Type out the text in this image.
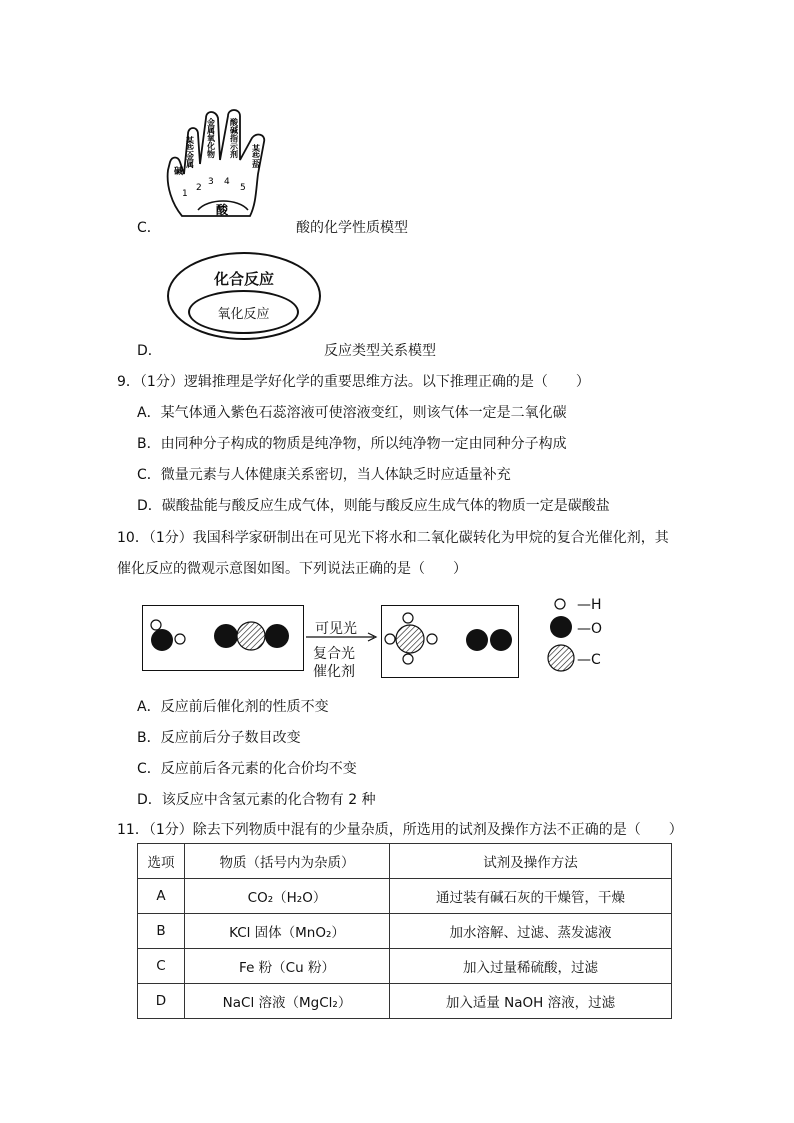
C．
碱
某些金属 金属氧化物 酸碱指示剂 某些盐
1
2
3 4
5
酸
酸的化学性质模型
化合反应
氧化反应
D．	反应类型关系模型
9．（1分）逻辑推理是学好化学的重要思维方法。以下推理正确的是（　　）
A．某气体通入紫色石蕊溶液可使溶液变红，则该气体一定是二氧化碳
B．由同种分子构成的物质是纯净物，所以纯净物一定由同种分子构成
C．微量元素与人体健康关系密切，当人体缺乏时应适量补充
D．碳酸盐能与酸反应生成气体，则能与酸反应生成气体的物质一定是碳酸盐
10．（1分）我国科学家研制出在可见光下将水和二氧化碳转化为甲烷的复合光催化剂，其
催化反应的微观示意图如图。下列说法正确的是（　　）
可见光
复合光
催化剂
—H
—O
—C
A．反应前后催化剂的性质不变
B．反应前后分子数目改变
C．反应前后各元素的化合价均不变
D．该反应中含氢元素的化合物有 2 种
11．（1分）除去下列物质中混有的少量杂质，所选用的试剂及操作方法不正确的是（　　）
选项	物质（括号内为杂质）	试剂及操作方法
A	CO₂（H₂O）	通过装有碱石灰的干燥管，干燥
B	KCl 固体（MnO₂）	加水溶解、过滤、蒸发滤液
C	Fe 粉（Cu 粉）	加入过量稀硫酸，过滤
D	NaCl 溶液（MgCl₂）	加入适量 NaOH 溶液，过滤
